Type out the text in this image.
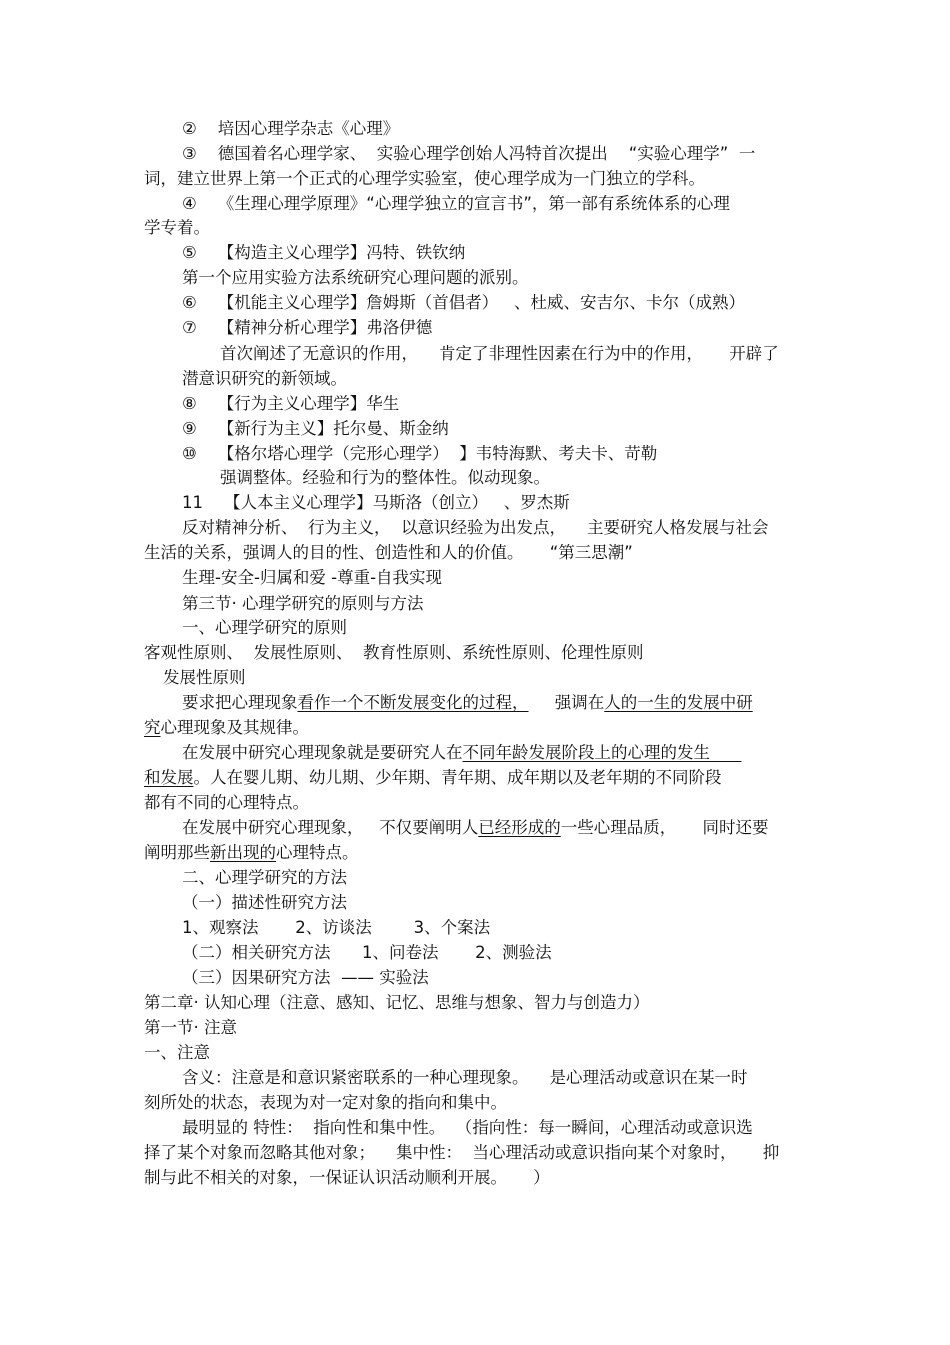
②    培因心理学杂志《心理》
③    德国着名心理学家、  实验心理学创始人冯特首次提出    “实验心理学”  一
词，建立世界上第一个正式的心理学实验室，使心理学成为一门独立的学科。
④    《生理心理学原理》“心理学独立的宣言书”，第一部有系统体系的心理
学专着。
⑤    【构造主义心理学】冯特、铁钦纳
第一个应用实验方法系统研究心理问题的派别。
⑥    【机能主义心理学】詹姆斯（首倡者）   、杜威、安吉尔、卡尔（成熟）
⑦    【精神分析心理学】弗洛伊德
首次阐述了无意识的作用，    肯定了非理性因素在行为中的作用，     开辟了
潜意识研究的新领域。
⑧    【行为主义心理学】华生
⑨    【新行为主义】托尔曼、斯金纳
⑩    【格尔塔心理学（完形心理学）  】韦特海默、考夫卡、苛勒
强调整体。经验和行为的整体性。似动现象。
11    【人本主义心理学】马斯洛（创立）   、罗杰斯
反对精神分析、  行为主义，  以意识经验为出发点，    主要研究人格发展与社会
生活的关系，强调人的目的性、创造性和人的价值。     “第三思潮”
生理-安全-归属和爱 -尊重-自我实现
第三节· 心理学研究的原则与方法
一、心理学研究的原则
客观性原则、  发展性原则、  教育性原则、系统性原则、伦理性原则
发展性原则
要求把心理现象看作一个不断发展变化的过程，     强调在人的一生的发展中研
究心理现象及其规律。
在发展中研究心理现象就是要研究人在不同年龄发展阶段上的心理的发生
和发展。人在婴儿期、幼儿期、少年期、青年期、成年期以及老年期的不同阶段
都有不同的心理特点。
在发展中研究心理现象，   不仅要阐明人已经形成的一些心理品质，     同时还要
阐明那些新出现的心理特点。
二、心理学研究的方法
（一）描述性研究方法
1、观察法       2、访谈法        3、个案法
（二）相关研究方法      1、问卷法       2、测验法
（三）因果研究方法  —— 实验法
第二章· 认知心理（注意、感知、记忆、思维与想象、智力与创造力）
第一节· 注意
一、注意
含义：注意是和意识紧密联系的一种心理现象。    是心理活动或意识在某一时
刻所处的状态，表现为对一定对象的指向和集中。
最明显的 特性：  指向性和集中性。  （指向性：每一瞬间，心理活动或意识选
择了某个对象而忽略其他对象；    集中性：  当心理活动或意识指向某个对象时，     抑
制与此不相关的对象，一保证认识活动顺利开展。     ）
